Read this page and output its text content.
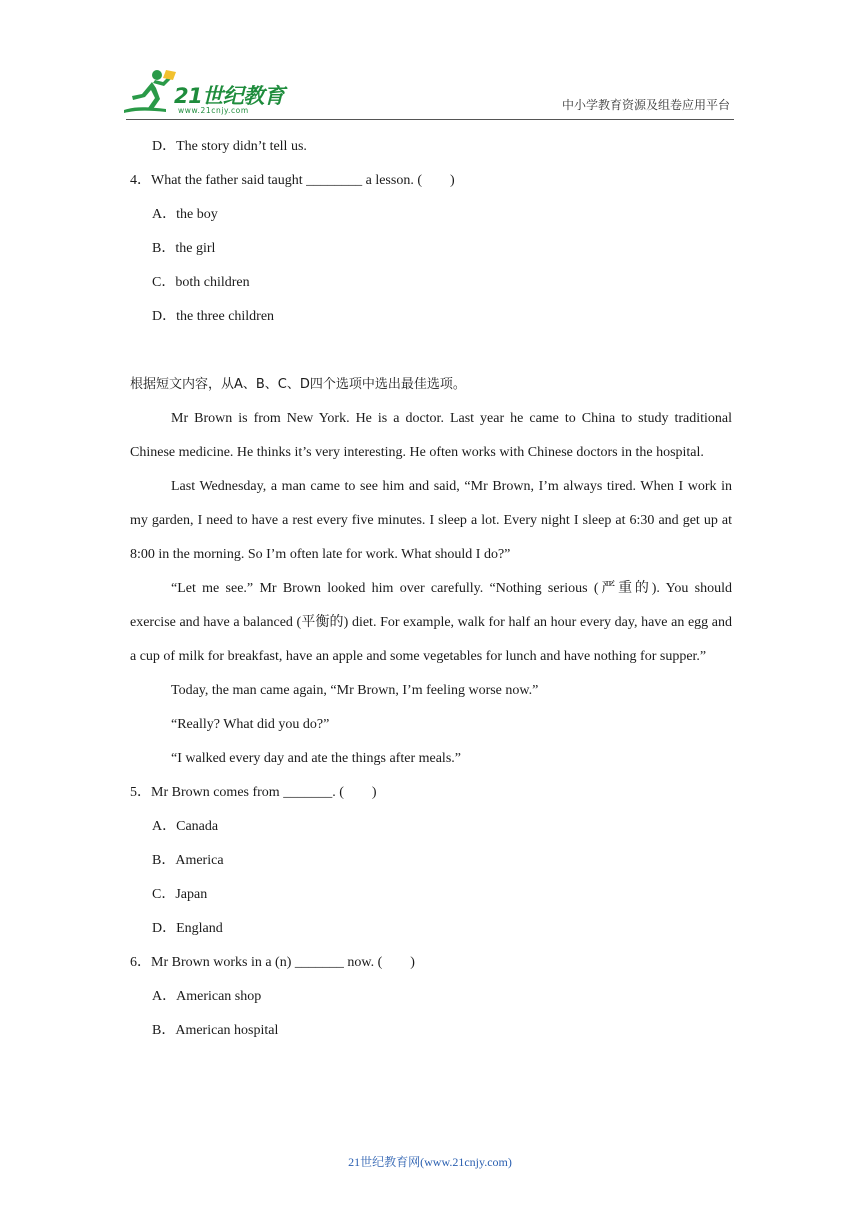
21世纪教育
www.21cnjy.com	中小学教育资源及组卷应用平台
D．The story didn’t tell us.
4．What the father said taught ________ a lesson. (　　)
A．the boy
B．the girl
C．both children
D．the three children
根据短文内容，从A、B、C、D四个选项中选出最佳选项。
Mr Brown is from New York. He is a doctor. Last year he came to China to study traditional Chinese medicine. He thinks it’s very interesting. He often works with Chinese doctors in the hospital.
Last Wednesday, a man came to see him and said, “Mr Brown, I’m always tired. When I work in my garden, I need to have a rest every five minutes. I sleep a lot. Every night I sleep at 6:30 and get up at 8:00 in the morning. So I’m often late for work. What should I do?”
“Let me see.” Mr Brown looked him over carefully. “Nothing serious (严重的). You should exercise and have a balanced (平衡的) diet. For example, walk for half an hour every day, have an egg and a cup of milk for breakfast, have an apple and some vegetables for lunch and have nothing for supper.”
Today, the man came again, “Mr Brown, I’m feeling worse now.”
“Really? What did you do?”
“I walked every day and ate the things after meals.”
5．Mr Brown comes from _______. (　　)
A．Canada
B．America
C．Japan
D．England
6．Mr Brown works in a (n) _______ now. (　　)
A．American shop
B．American hospital
21世纪教育网(www.21cnjy.com)
